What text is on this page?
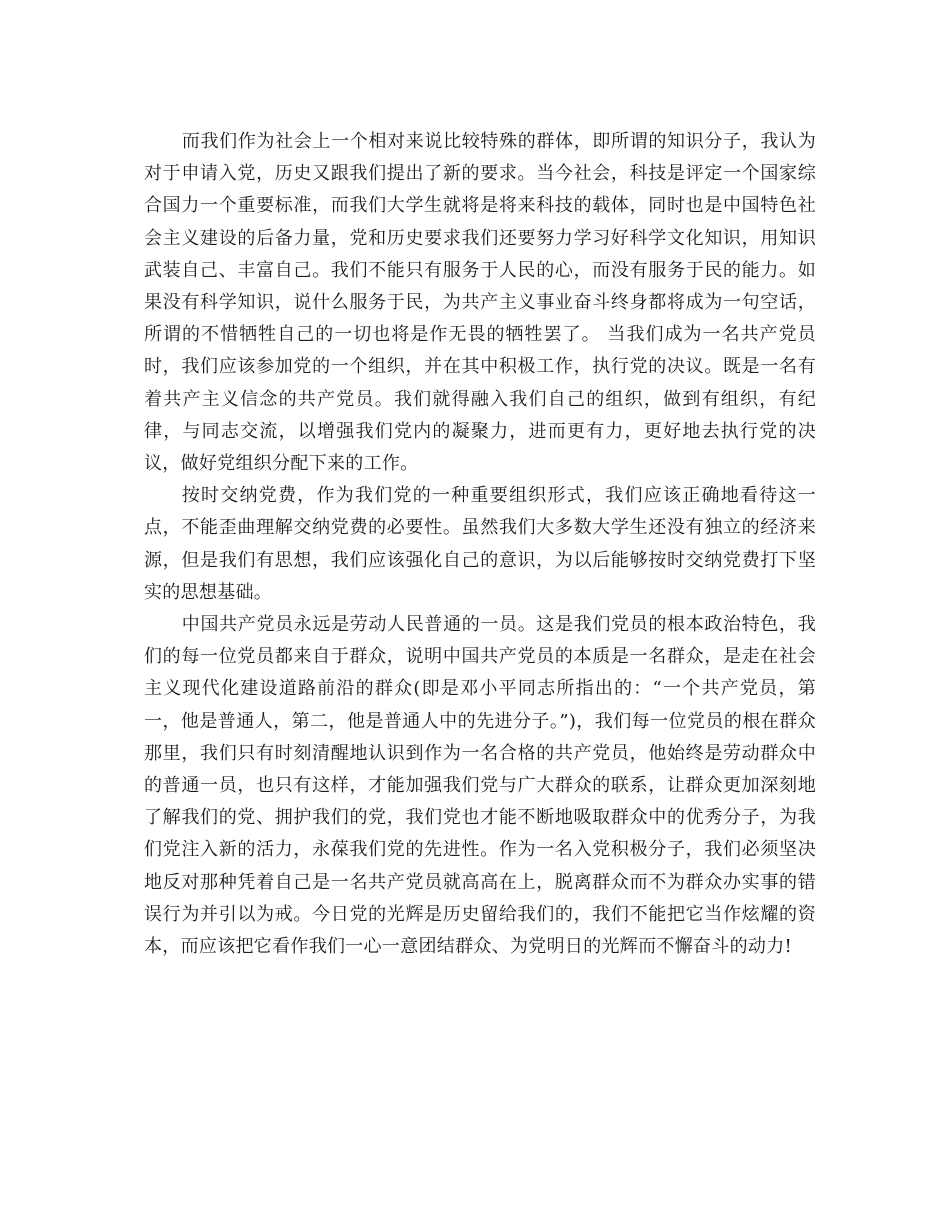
而我们作为社会上一个相对来说比较特殊的群体，即所谓的知识分子，我认为对于申请入党，历史又跟我们提出了新的要求。当今社会，科技是评定一个国家综合国力一个重要标准，而我们大学生就将是将来科技的载体，同时也是中国特色社会主义建设的后备力量，党和历史要求我们还要努力学习好科学文化知识，用知识武装自己、丰富自己。我们不能只有服务于人民的心，而没有服务于民的能力。如果没有科学知识，说什么服务于民，为共产主义事业奋斗终身都将成为一句空话，所谓的不惜牺牲自己的一切也将是作无畏的牺牲罢了。 当我们成为一名共产党员时，我们应该参加党的一个组织，并在其中积极工作，执行党的决议。既是一名有着共产主义信念的共产党员。我们就得融入我们自己的组织，做到有组织，有纪律，与同志交流，以增强我们党内的凝聚力，进而更有力，更好地去执行党的决议，做好党组织分配下来的工作。

按时交纳党费，作为我们党的一种重要组织形式，我们应该正确地看待这一点，不能歪曲理解交纳党费的必要性。虽然我们大多数大学生还没有独立的经济来源，但是我们有思想，我们应该强化自己的意识，为以后能够按时交纳党费打下坚实的思想基础。

中国共产党员永远是劳动人民普通的一员。这是我们党员的根本政治特色，我们的每一位党员都来自于群众，说明中国共产党员的本质是一名群众，是走在社会主义现代化建设道路前沿的群众(即是邓小平同志所指出的：“一个共产党员，第一，他是普通人，第二，他是普通人中的先进分子。”)，我们每一位党员的根在群众那里，我们只有时刻清醒地认识到作为一名合格的共产党员，他始终是劳动群众中的普通一员，也只有这样，才能加强我们党与广大群众的联系，让群众更加深刻地了解我们的党、拥护我们的党，我们党也才能不断地吸取群众中的优秀分子，为我们党注入新的活力，永葆我们党的先进性。作为一名入党积极分子，我们必须坚决地反对那种凭着自己是一名共产党员就高高在上，脱离群众而不为群众办实事的错误行为并引以为戒。今日党的光辉是历史留给我们的，我们不能把它当作炫耀的资本，而应该把它看作我们一心一意团结群众、为党明日的光辉而不懈奋斗的动力!
